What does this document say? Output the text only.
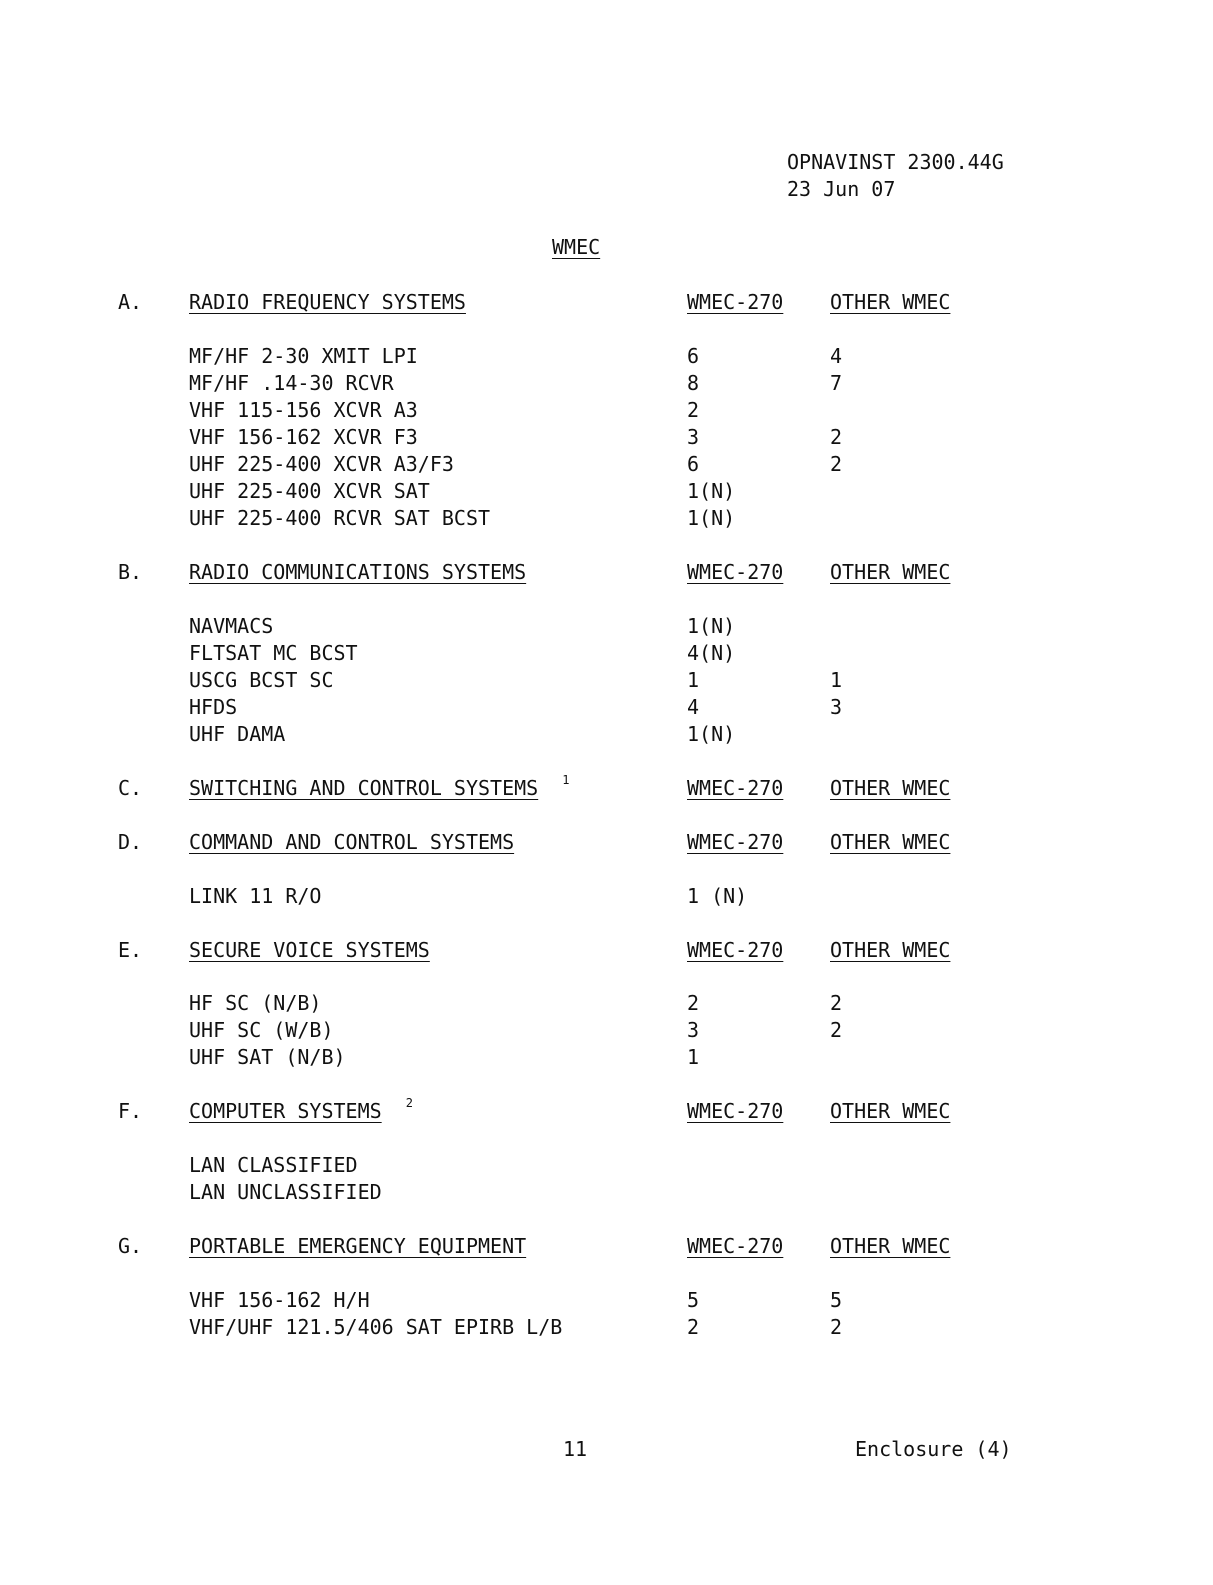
OPNAVINST 2300.44G
23 Jun 07
WMEC
A. RADIO FREQUENCY SYSTEMS	WMEC-270 OTHER WMEC
MF/HF 2-30 XMIT LPI	6	4
MF/HF .14-30 RCVR	8	7
VHF 115-156 XCVR A3	2
VHF 156-162 XCVR F3	3	2
UHF 225-400 XCVR A3/F3	6	2
UHF 225-400 XCVR SAT	1(N)
UHF 225-400 RCVR SAT BCST	1(N)
B. RADIO COMMUNICATIONS SYSTEMS	WMEC-270 OTHER WMEC
NAVMACS	1(N)
FLTSAT MC BCST	4(N)
USCG BCST SC	1	1
HFDS	4	3
UHF DAMA	1(N)
C. SWITCHING AND CONTROL SYSTEMS $^1$	WMEC-270 OTHER WMEC
D. COMMAND AND CONTROL SYSTEMS	WMEC-270 OTHER WMEC
LINK 11 R/O	1 (N)
E. SECURE VOICE SYSTEMS	WMEC-270 OTHER WMEC
HF SC (N/B)	2	2
UHF SC (W/B)	3	2
UHF SAT (N/B)	1
F. COMPUTER SYSTEMS $^2$	WMEC-270 OTHER WMEC
LAN CLASSIFIED
LAN UNCLASSIFIED
G. PORTABLE EMERGENCY EQUIPMENT	WMEC-270 OTHER WMEC
VHF 156-162 H/H	5	5
VHF/UHF 121.5/406 SAT EPIRB L/B	2	2
11	Enclosure (4)
